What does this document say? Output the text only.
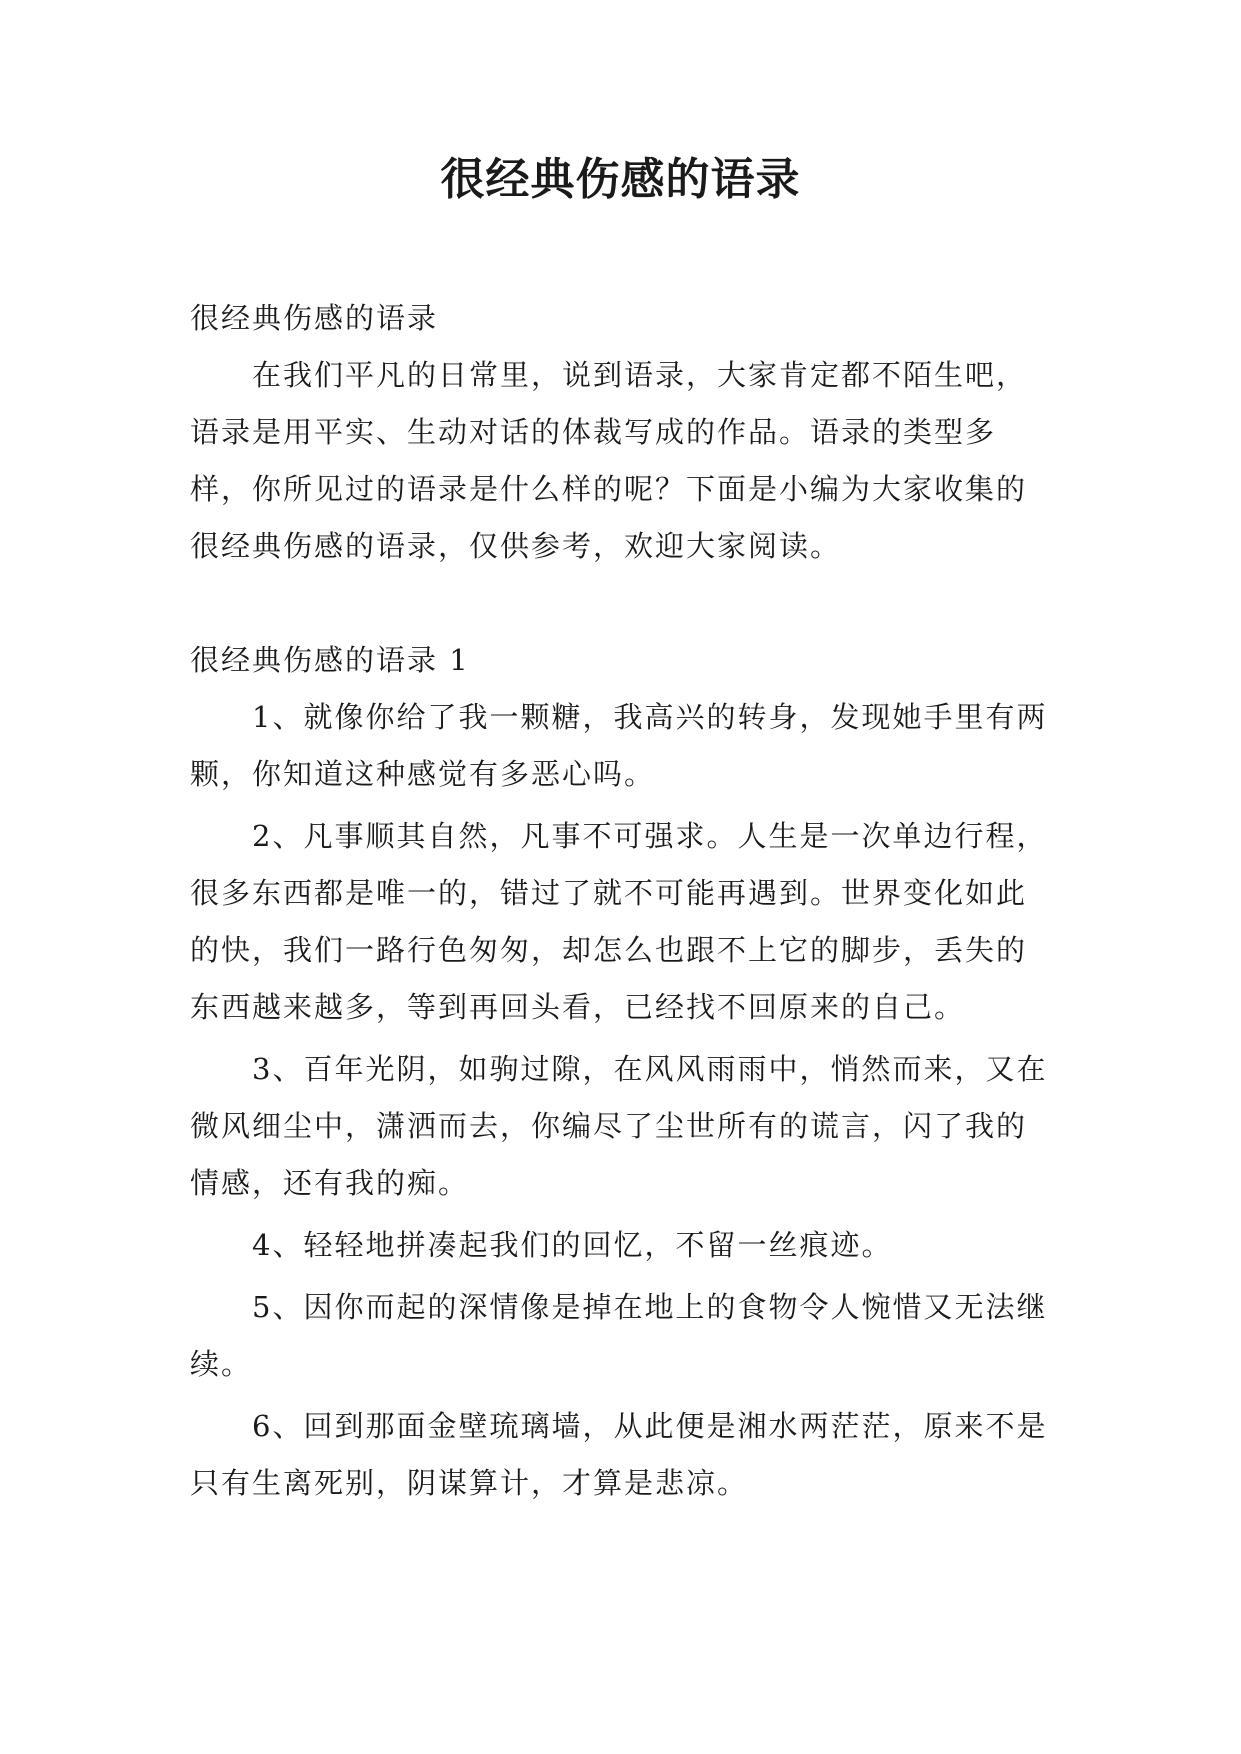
很经典伤感的语录

很经典伤感的语录

在我们平凡的日常里，说到语录，大家肯定都不陌生吧，语录是用平实、生动对话的体裁写成的作品。语录的类型多样，你所见过的语录是什么样的呢？下面是小编为大家收集的很经典伤感的语录，仅供参考，欢迎大家阅读。

很经典伤感的语录 1

1、就像你给了我一颗糖，我高兴的转身，发现她手里有两颗，你知道这种感觉有多恶心吗。

2、凡事顺其自然，凡事不可强求。人生是一次单边行程，很多东西都是唯一的，错过了就不可能再遇到。世界变化如此的快，我们一路行色匆匆，却怎么也跟不上它的脚步，丢失的东西越来越多，等到再回头看，已经找不回原来的自己。

3、百年光阴，如驹过隙，在风风雨雨中，悄然而来，又在微风细尘中，潇洒而去，你编尽了尘世所有的谎言，闪了我的情感，还有我的痴。

4、轻轻地拼凑起我们的回忆，不留一丝痕迹。

5、因你而起的深情像是掉在地上的食物令人惋惜又无法继续。

6、回到那面金壁琉璃墙，从此便是湘水两茫茫，原来不是只有生离死别，阴谋算计，才算是悲凉。
